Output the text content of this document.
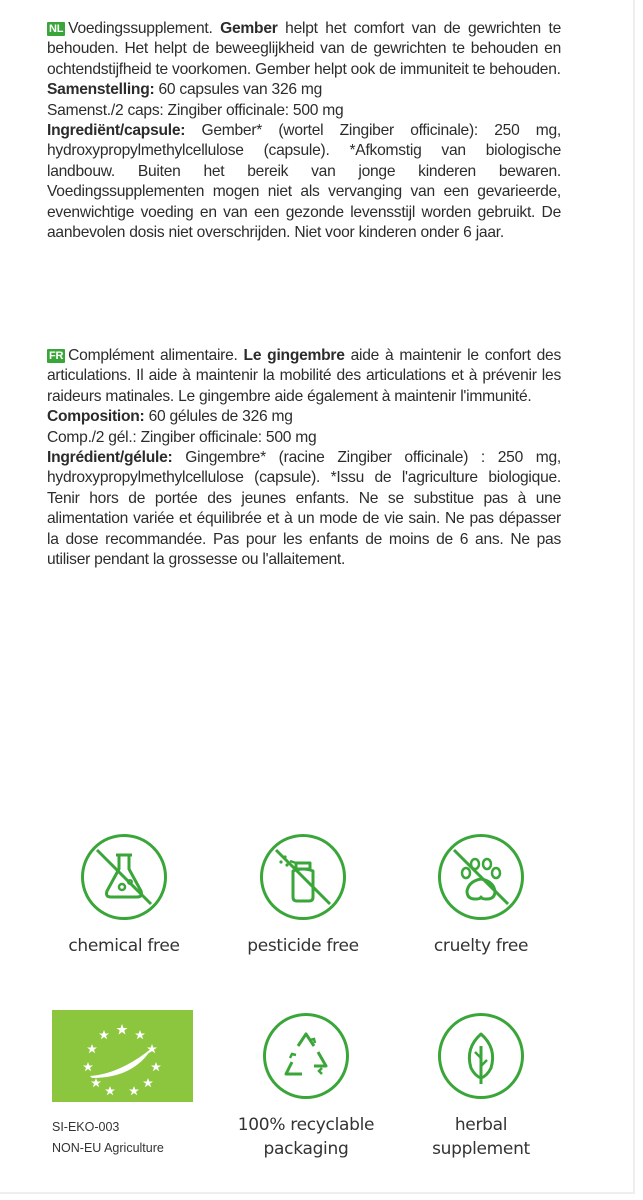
NL Voedingssupplement. Gember helpt het comfort van de gewrichten te behouden. Het helpt de beweeglijkheid van de gewrichten te behouden en ochtendstijfheid te voorkomen. Gember helpt ook de immuniteit te behouden.

Samenstelling: 60 capsules van 326 mg

Samenst./2 caps: Zingiber officinale: 500 mg

Ingrediënt/capsule: Gember* (wortel Zingiber officinale): 250 mg, hydroxypropylmethylcellulose (capsule). *Afkomstig van biologische landbouw. Buiten het bereik van jonge kinderen bewaren. Voedingssupplementen mogen niet als vervanging van een gevarieerde, evenwichtige voeding en van een gezonde levensstijl worden gebruikt. De aanbevolen dosis niet overschrijden. Niet voor kinderen onder 6 jaar.

FR Complément alimentaire. Le gingembre aide à maintenir le confort des articulations. Il aide à maintenir la mobilité des articulations et à prévenir les raideurs matinales. Le gingembre aide également à maintenir l'immunité.

Composition: 60 gélules de 326 mg

Comp./2 gél.: Zingiber officinale: 500 mg

Ingrédient/gélule: Gingembre* (racine Zingiber officinale) : 250 mg, hydroxypropylmethylcellulose (capsule). *Issu de l'agriculture biologique. Tenir hors de portée des jeunes enfants. Ne se substitue pas à une alimentation variée et équilibrée et à un mode de vie sain. Ne pas dépasser la dose recommandée. Pas pour les enfants de moins de 6 ans. Ne pas utiliser pendant la grossesse ou l'allaitement.

chemical free	pesticide free	cruelty free
SI-EKO-003
NON-EU Agriculture
100% recyclable
packaging
herbal
supplement
